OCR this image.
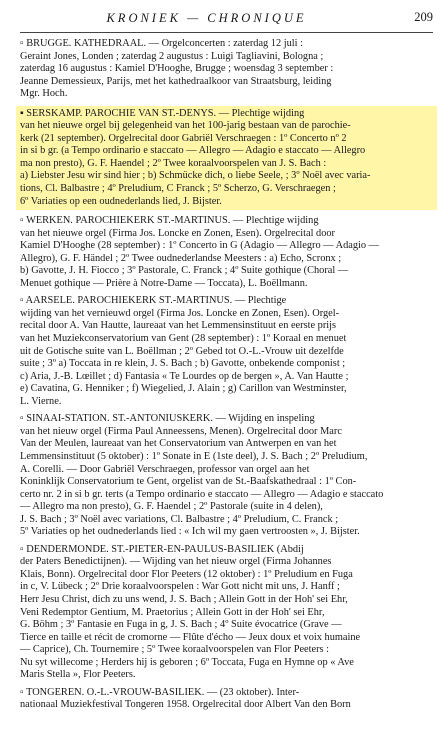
KRONIEK — CHRONIQUE	209
▫ BRUGGE. KATHEDRAAL. — Orgelconcerten : zaterdag 12 juli :
Geraint Jones, Londen ; zaterdag 2 augustus : Luigi Tagliavini, Bologna ;
zaterdag 16 augustus : Kamiel D'Hooghe, Brugge ; woensdag 3 september :
Jeanne Demessieux, Parijs, met het kathedraalkoor van Straatsburg, leiding
Mgr. Hoch.
▪ SERSKAMP. PAROCHIE VAN ST.-DENYS. — Plechtige wijding
van het nieuwe orgel bij gelegenheid van het 100-jarig bestaan van de parochie-
kerk (21 september). Orgelrecital door Gabriël Verschraegen : 1º Concerto nº 2
in si b gr. (a Tempo ordinario e staccato — Allegro — Adagio e staccato — Allegro
ma non presto), G. F. Haendel ; 2º Twee koraalvoorspelen van J. S. Bach :
a) Liebster Jesu wir sind hier ; b) Schmücke dich, o liebe Seele, ; 3º Noël avec varia-
tions, Cl. Balbastre ; 4º Preludium, C Franck ; 5º Scherzo, G. Verschraegen ;
6º Variaties op een oudnederlands lied, J. Bijster.
▫ WERKEN. PAROCHIEKERK ST.-MARTINUS. — Plechtige wijding
van het nieuwe orgel (Firma Jos. Loncke en Zonen, Esen). Orgelrecital door
Kamiel D'Hooghe (28 september) : 1º Concerto in G (Adagio — Allegro — Adagio —
Allegro), G. F. Händel ; 2º Twee oudnederlandse Meesters : a) Echo, Scronx ;
b) Gavotte, J. H. Fiocco ; 3º Pastorale, C. Franck ; 4º Suite gothique (Choral —
Menuet gothique — Prière à Notre-Dame — Toccata), L. Boëllmann.
▫ AARSELE. PAROCHIEKERK ST.-MARTINUS. — Plechtige
wijding van het vernieuwd orgel (Firma Jos. Loncke en Zonen, Esen). Orgel-
recital door A. Van Hautte, laureaat van het Lemmensinstituut en eerste prijs
van het Muziekconservatorium van Gent (28 september) : 1º Koraal en menuet
uit de Gotische suite van L. Boëllman ; 2º Gebed tot O.-L.-Vrouw uit dezelfde
suite ; 3º a) Toccata in re klein, J. S. Bach ; b) Gavotte, onbekende componist ;
c) Aria, J.-B. Lœillet ; d) Fantasia « Te Lourdes op de bergen », A. Van Hautte ;
e) Cavatina, G. Henniker ; f) Wiegelied, J. Alain ; g) Carillon van Westminster,
L. Vierne.
▫ SINAAI-STATION. ST.-ANTONIUSKERK. — Wijding en inspeling
van het nieuw orgel (Firma Paul Anneessens, Menen). Orgelrecital door Marc
Van der Meulen, laureaat van het Conservatorium van Antwerpen en van het
Lemmensinstituut (5 oktober) : 1º Sonate in E (1ste deel), J. S. Bach ; 2º Preludium,
A. Corelli. — Door Gabriël Verschraegen, professor van orgel aan het
Koninklijk Conservatorium te Gent, orgelist van de St.-Baafskathedraal : 1º Con-
certo nr. 2 in si b gr. terts (a Tempo ordinario e staccato — Allegro — Adagio e staccato
— Allegro ma non presto), G. F. Haendel ; 2º Pastorale (suite in 4 delen),
J. S. Bach ; 3º Noël avec variations, Cl. Balbastre ; 4º Preludium, C. Franck ;
5º Variaties op het oudnederlands lied : « Ich wil my gaen vertroosten », J. Bijster.
▫ DENDERMONDE. ST.-PIETER-EN-PAULUS-BASILIEK (Abdij
der Paters Benedictijnen). — Wijding van het nieuw orgel (Firma Johannes
Klais, Bonn). Orgelrecital door Flor Peeters (12 oktober) : 1º Preludium en Fuga
in c, V. Lübeck ; 2º Drie koraalvoorspelen : War Gott nicht mit uns, J. Hanff ;
Herr Jesu Christ, dich zu uns wend, J. S. Bach ; Allein Gott in der Hoh' sei Ehr,
Veni Redemptor Gentium, M. Praetorius ; Allein Gott in der Hoh' sei Ehr,
G. Böhm ; 3º Fantasie en Fuga in g, J. S. Bach ; 4º Suite évocatrice (Grave —
Tierce en taille et récit de cromorne — Flûte d'écho — Jeux doux et voix humaine
— Caprice), Ch. Tournemire ; 5º Twee koraalvoorspelen van Flor Peeters :
Nu syt willecome ; Herders hij is geboren ; 6º Toccata, Fuga en Hymne op « Ave
Maris Stella », Flor Peeters.
▫ TONGEREN. O.-L.-VROUW-BASILIEK. — (23 oktober). Inter-
nationaal Muziekfestival Tongeren 1958. Orgelrecital door Albert Van den Born
